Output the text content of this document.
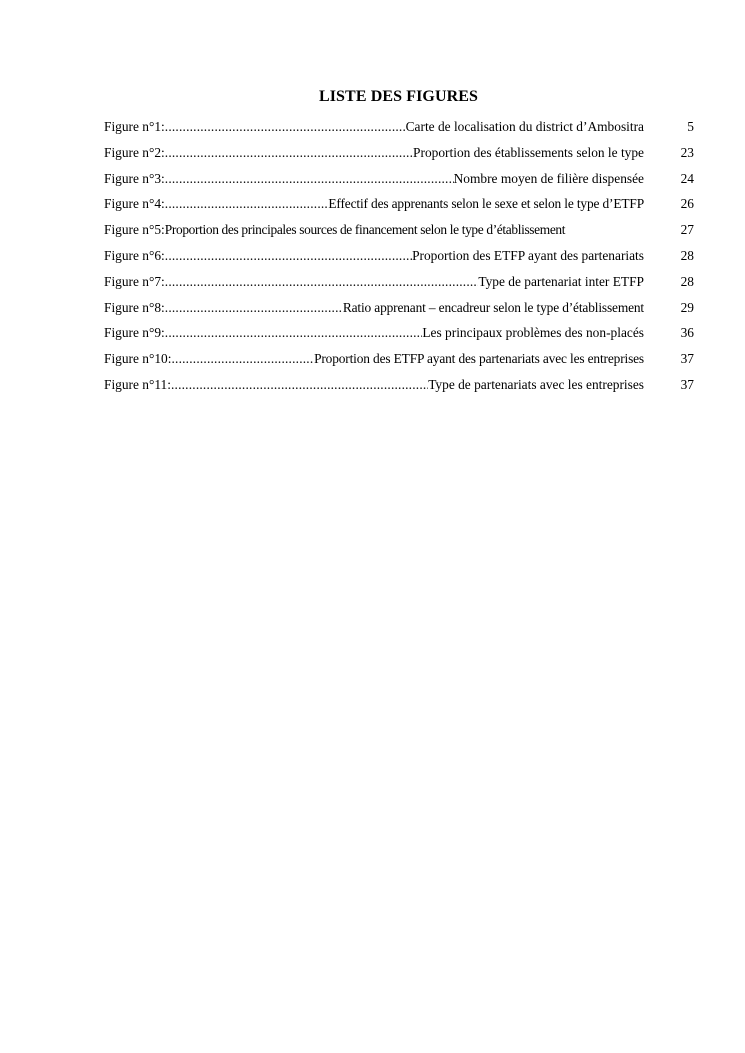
LISTE DES FIGURES
Figure n°1: .....	Carte de localisation du district d’Ambositra	5
Figure n°2: .....	Proportion des établissements selon le type	23
Figure n°3: .....	Nombre moyen de filière dispensée	24
Figure n°4: .....	Effectif des apprenants selon le sexe et selon le type d’ETFP	26
Figure n°5: Proportion des principales sources de financement selon le type d’établissement	27
Figure n°6: .....	Proportion des ETFP ayant des partenariats	28
Figure n°7: .....	Type de partenariat inter ETFP	28
Figure n°8: .....	Ratio apprenant – encadreur selon le type d’établissement	29
Figure n°9: .....	Les principaux problèmes des non-placés	36
Figure n°10: .....	Proportion des ETFP ayant des partenariats avec les entreprises	37
Figure n°11: .....	Type de partenariats avec les entreprises	37
